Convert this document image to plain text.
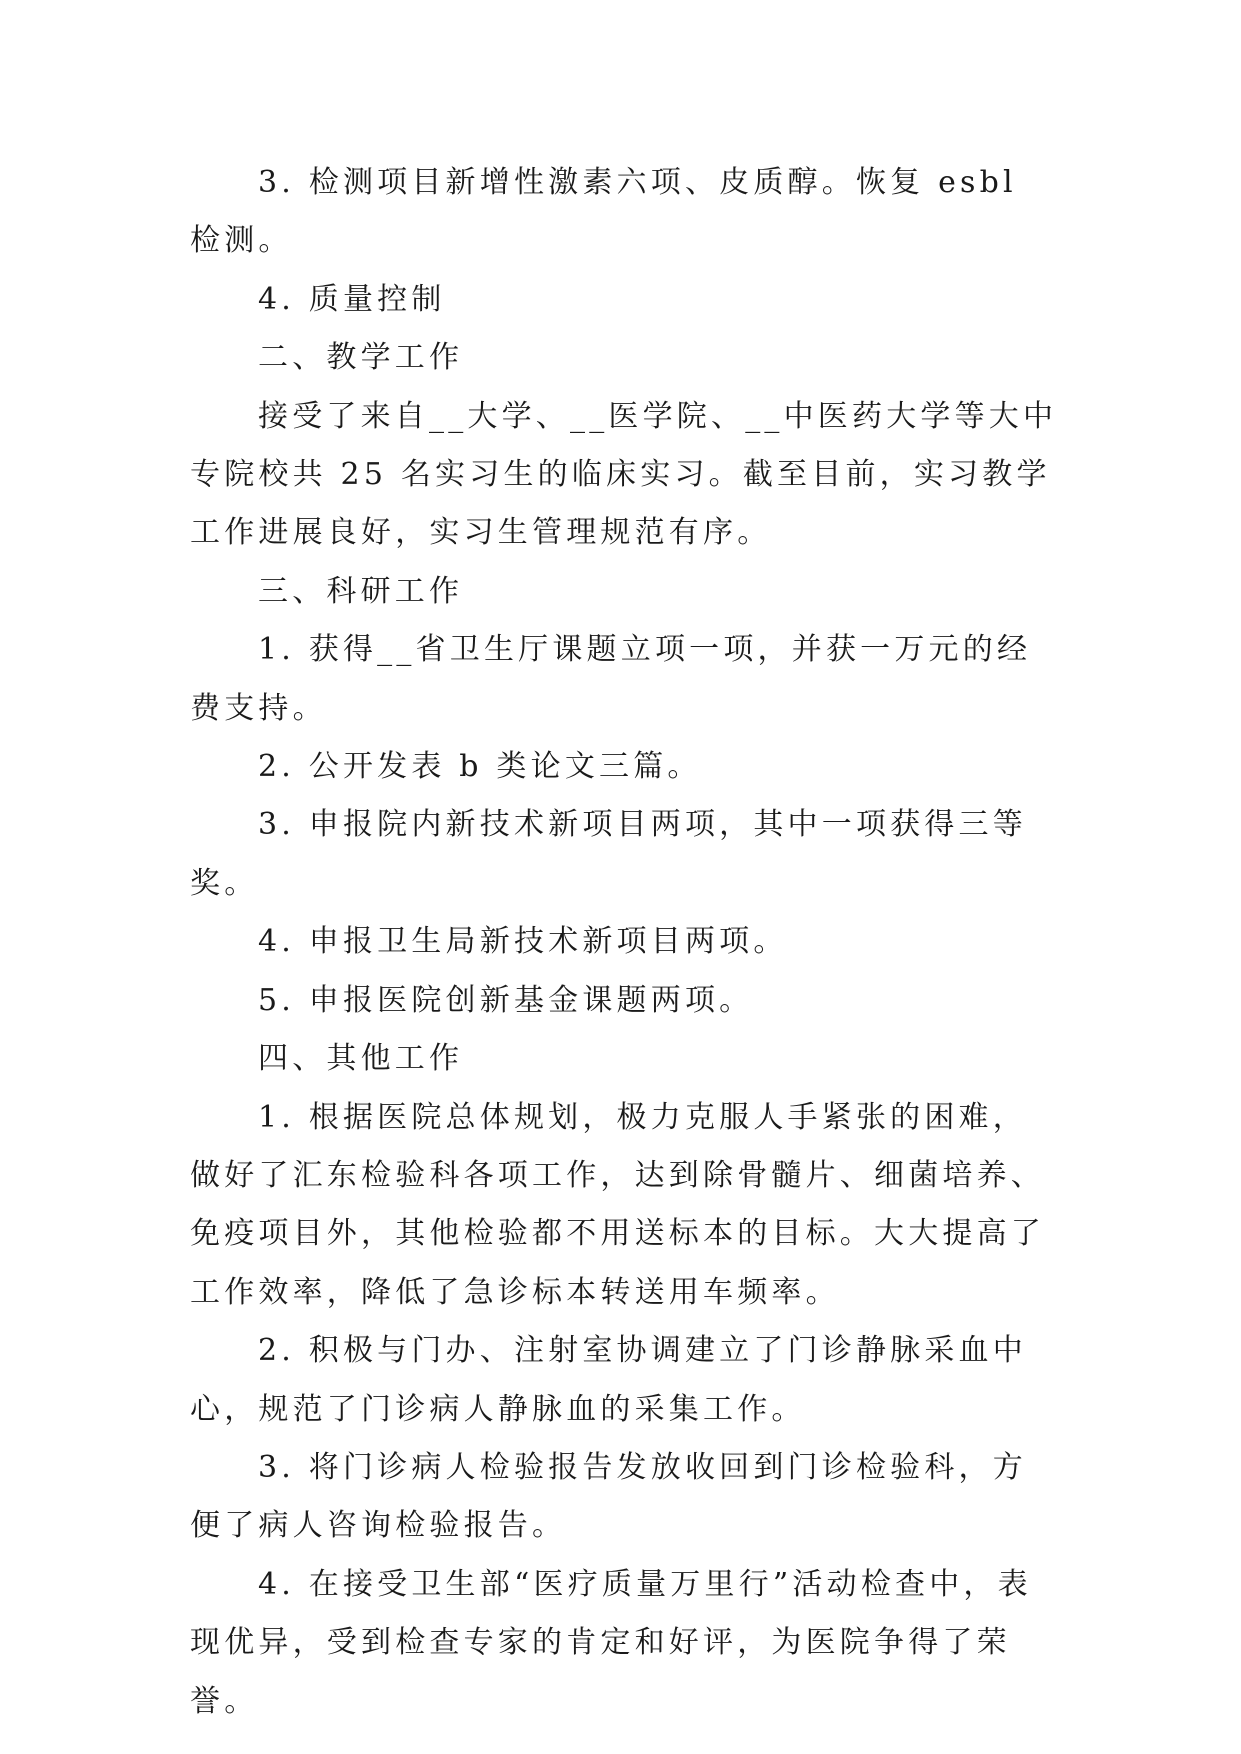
3. 检测项目新增性激素六项、皮质醇。恢复 esbl 检测。

4. 质量控制

二、教学工作

接受了来自__大学、__医学院、__中医药大学等大中专院校共 25 名实习生的临床实习。截至目前，实习教学工作进展良好，实习生管理规范有序。

三、科研工作

1. 获得__省卫生厅课题立项一项，并获一万元的经费支持。

2. 公开发表 b 类论文三篇。

3. 申报院内新技术新项目两项，其中一项获得三等奖。

4. 申报卫生局新技术新项目两项。

5. 申报医院创新基金课题两项。

四、其他工作

1. 根据医院总体规划，极力克服人手紧张的困难，做好了汇东检验科各项工作，达到除骨髓片、细菌培养、免疫项目外，其他检验都不用送标本的目标。大大提高了工作效率，降低了急诊标本转送用车频率。

2. 积极与门办、注射室协调建立了门诊静脉采血中心，规范了门诊病人静脉血的采集工作。

3. 将门诊病人检验报告发放收回到门诊检验科，方便了病人咨询检验报告。

4. 在接受卫生部“医疗质量万里行”活动检查中，表现优异，受到检查专家的肯定和好评，为医院争得了荣誉。
